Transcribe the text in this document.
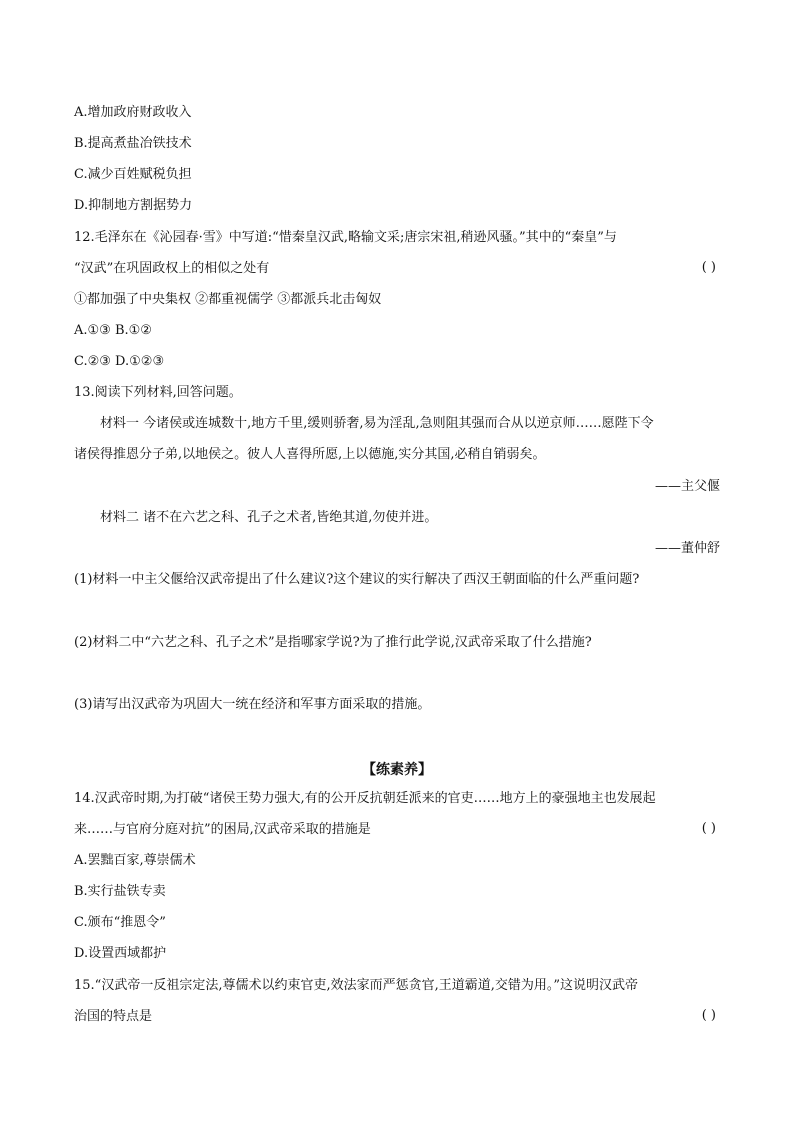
A.增加政府财政收入
B.提高煮盐冶铁技术
C.减少百姓赋税负担
D.抑制地方割据势力
12.毛泽东在《沁园春·雪》中写道:“惜秦皇汉武,略输文采;唐宗宋祖,稍逊风骚。”其中的“秦皇”与
“汉武”在巩固政权上的相似之处有	( )
①都加强了中央集权 ②都重视儒学 ③都派兵北击匈奴
A.①③ B.①②
C.②③ D.①②③
13.阅读下列材料,回答问题。
材料一 今诸侯或连城数十,地方千里,缓则骄奢,易为淫乱,急则阻其强而合从以逆京师……愿陛下令
诸侯得推恩分子弟,以地侯之。彼人人喜得所愿,上以德施,实分其国,必稍自销弱矣。
——主父偃
材料二 诸不在六艺之科、孔子之术者,皆绝其道,勿使并进。
——董仲舒
(1)材料一中主父偃给汉武帝提出了什么建议?这个建议的实行解决了西汉王朝面临的什么严重问题?
(2)材料二中“六艺之科、孔子之术”是指哪家学说?为了推行此学说,汉武帝采取了什么措施?
(3)请写出汉武帝为巩固大一统在经济和军事方面采取的措施。
【练素养】
14.汉武帝时期,为打破“诸侯王势力强大,有的公开反抗朝廷派来的官吏……地方上的豪强地主也发展起
来……与官府分庭对抗”的困局,汉武帝采取的措施是	( )
A.罢黜百家,尊崇儒术
B.实行盐铁专卖
C.颁布“推恩令”
D.设置西域都护
15.“汉武帝一反祖宗定法,尊儒术以约束官吏,效法家而严惩贪官,王道霸道,交错为用。”这说明汉武帝
治国的特点是	( )
